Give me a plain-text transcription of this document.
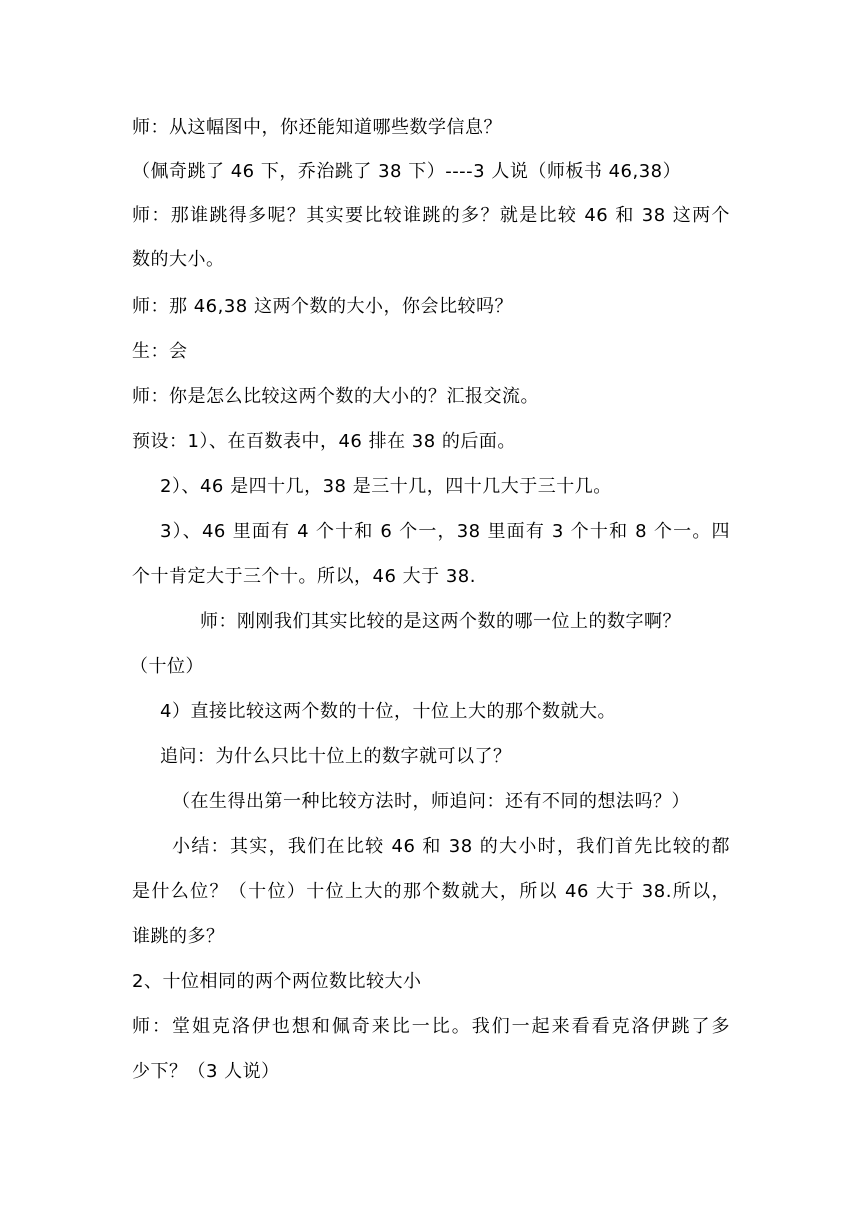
师：从这幅图中，你还能知道哪些数学信息？
（佩奇跳了 46 下，乔治跳了 38 下）----3 人说（师板书 46,38）
师：那谁跳得多呢？其实要比较谁跳的多？就是比较 46 和 38 这两个
数的大小。
师：那 46,38 这两个数的大小，你会比较吗？
生：会
师：你是怎么比较这两个数的大小的？汇报交流。
预设：1）、在百数表中，46 排在 38 的后面。
2）、46 是四十几，38 是三十几，四十几大于三十几。
3）、46 里面有 4 个十和 6 个一，38 里面有 3 个十和 8 个一。四
个十肯定大于三个十。所以，46 大于 38.
师：刚刚我们其实比较的是这两个数的哪一位上的数字啊？
（十位）
4）直接比较这两个数的十位，十位上大的那个数就大。
追问：为什么只比十位上的数字就可以了？
（在生得出第一种比较方法时，师追问：还有不同的想法吗？）
小结：其实，我们在比较 46 和 38 的大小时，我们首先比较的都
是什么位？（十位）十位上大的那个数就大，所以 46 大于 38.所以，
谁跳的多？
2、十位相同的两个两位数比较大小
师：堂姐克洛伊也想和佩奇来比一比。我们一起来看看克洛伊跳了多
少下？（3 人说）
